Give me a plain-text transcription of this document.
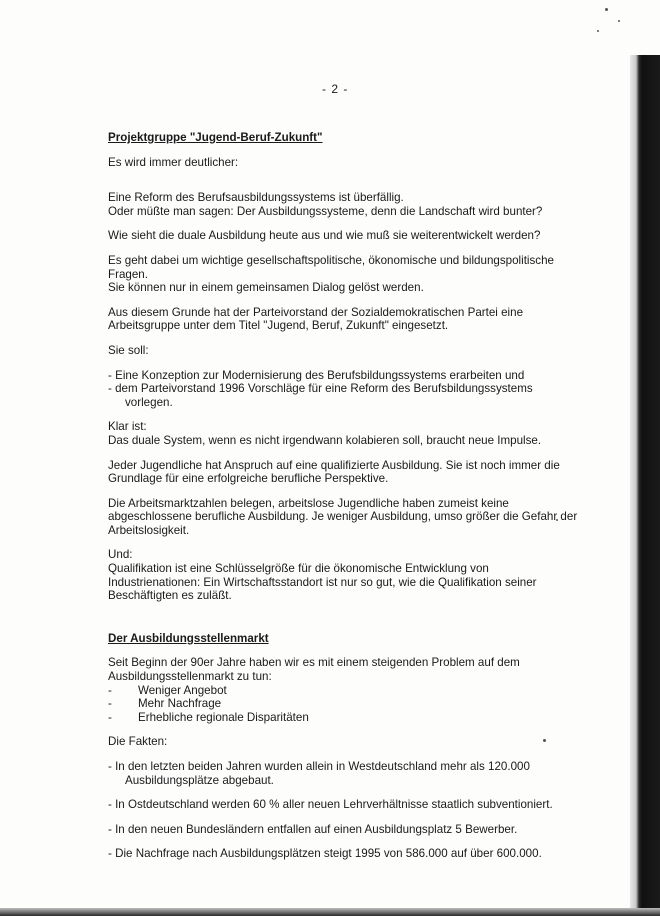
- 2 -

Projektgruppe "Jugend-Beruf-Zukunft"

Es wird immer deutlicher:

Eine Reform des Berufsausbildungssystems ist überfällig.

Oder müßte man sagen: Der Ausbildungssysteme, denn die Landschaft wird bunter?

Wie sieht die duale Ausbildung heute aus und wie muß sie weiterentwickelt werden?

Es geht dabei um wichtige gesellschaftspolitische, ökonomische und bildungspolitische

Fragen.

Sie können nur in einem gemeinsamen Dialog gelöst werden.

Aus diesem Grunde hat der Parteivorstand der Sozialdemokratischen Partei eine

Arbeitsgruppe unter dem Titel "Jugend, Beruf, Zukunft" eingesetzt.

Sie soll:

- Eine Konzeption zur Modernisierung des Berufsbildungssystems erarbeiten und

- dem Parteivorstand 1996 Vorschläge für eine Reform des Berufsbildungssystems

vorlegen.

Klar ist:

Das duale System, wenn es nicht irgendwann kolabieren soll, braucht neue Impulse.

Jeder Jugendliche hat Anspruch auf eine qualifizierte Ausbildung. Sie ist noch immer die

Grundlage für eine erfolgreiche berufliche Perspektive.

Die Arbeitsmarktzahlen belegen, arbeitslose Jugendliche haben zumeist keine

abgeschlossene berufliche Ausbildung. Je weniger Ausbildung, umso größer die Gefahr der

Arbeitslosigkeit.

Und:

Qualifikation ist eine Schlüsselgröße für die ökonomische Entwicklung von

Industrienationen: Ein Wirtschaftsstandort ist nur so gut, wie die Qualifikation seiner

Beschäftigten es zuläßt.

Der Ausbildungsstellenmarkt

Seit Beginn der 90er Jahre haben wir es mit einem steigenden Problem auf dem

Ausbildungsstellenmarkt zu tun:

-	Weniger Angebot
-	Mehr Nachfrage
-	Erhebliche regionale Disparitäten

Die Fakten:

- In den letzten beiden Jahren wurden allein in Westdeutschland mehr als 120.000

Ausbildungsplätze abgebaut.

- In Ostdeutschland werden 60 % aller neuen Lehrverhältnisse staatlich subventioniert.

- In den neuen Bundesländern entfallen auf einen Ausbildungsplatz 5 Bewerber.

- Die Nachfrage nach Ausbildungsplätzen steigt 1995 von 586.000 auf über 600.000.
